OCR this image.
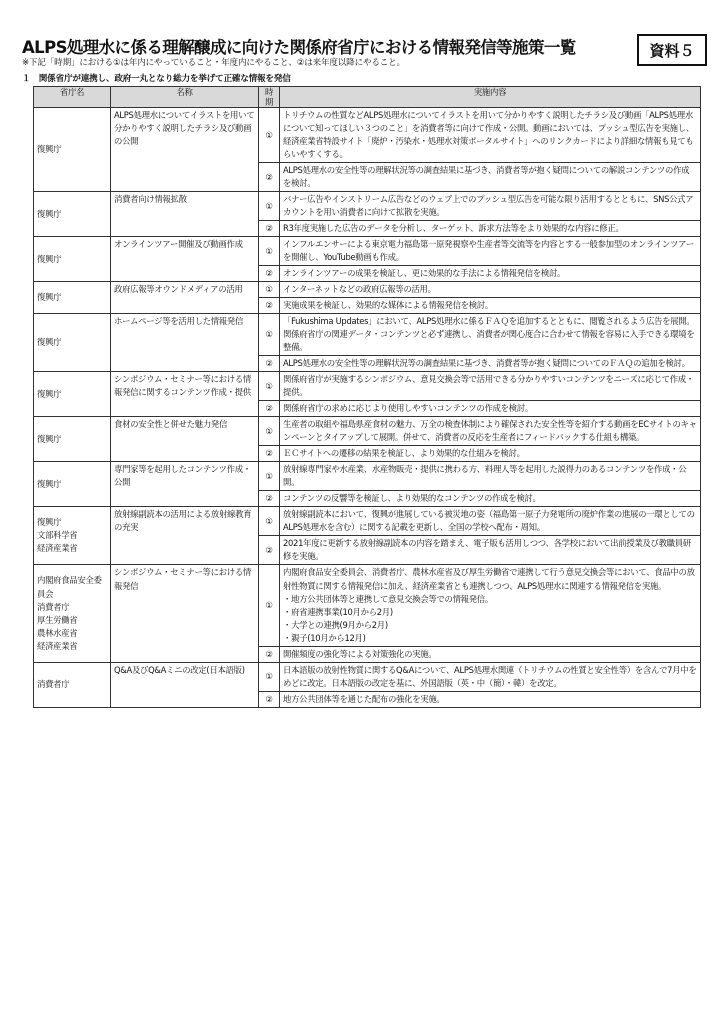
ALPS処理水に係る理解醸成に向けた関係府省庁における情報発信等施策一覧	資料５
※下記「時期」における①は年内にやっていること・年度内にやること、②は来年度以降にやること。
１　関係省庁が連携し、政府一丸となり総力を挙げて正確な情報を発信
省庁名	名称	時期	実施内容
復興庁	ALPS処理水についてイラストを用いて分かりやすく説明したチラシ及び動画の公開	①	トリチウムの性質などALPS処理水についてイラストを用いて分かりやすく説明したチラシ及び動画「ALPS処理水について知ってほしい３つのこと」を消費者等に向けて作成・公開。動画においては、プッシュ型広告を実施し、経済産業省特設サイト「廃炉・汚染水・処理水対策ポータルサイト」へのリンクカードにより詳細な情報も見てもらいやすくする。
		②	ALPS処理水の安全性等の理解状況等の調査結果に基づき、消費者等が抱く疑問についての解説コンテンツの作成を検討。
復興庁	消費者向け情報拡散	①	バナー広告やインストリーム広告などのウェブ上でのプッシュ型広告を可能な限り活用するとともに、SNS公式アカウントを用い消費者に向けて拡散を実施。
		②	R3年度実施した広告のデータを分析し、ターゲット、訴求方法等をより効果的な内容に修正。
復興庁	オンラインツアー開催及び動画作成	①	インフルエンサーによる東京電力福島第一原発視察や生産者等交流等を内容とする一般参加型のオンラインツアーを開催し、YouTube動画も作成。
		②	オンラインツアーの成果を検証し、更に効果的な手法による情報発信を検討。
復興庁	政府広報等オウンドメディアの活用	①	インターネットなどの政府広報等の活用。
		②	実施成果を検証し、効果的な媒体による情報発信を検討。
復興庁	ホームページ等を活用した情報発信	①	「Fukushima Updates」において、ALPS処理水に係るＦＡＱを追加するとともに、閲覧されるよう広告を展開。関係府省庁の関連データ・コンテンツと必ず連携し、消費者が関心度合に合わせて情報を容易に入手できる環境を整備。
		②	ALPS処理水の安全性等の理解状況等の調査結果に基づき、消費者等が抱く疑問についてのＦＡＱの追加を検討。
復興庁	シンポジウム・セミナー等における情報発信に関するコンテンツ作成・提供	①	関係府省庁が実施するシンポジウム、意見交換会等で活用できる分かりやすいコンテンツをニーズに応じて作成・提供。
		②	関係府省庁の求めに応じより使用しやすいコンテンツの作成を検討。
復興庁	食材の安全性と併せた魅力発信	①	生産者の取組や福島県産食材の魅力、万全の検査体制により確保された安全性等を紹介する動画をECサイトのキャンペーンとタイアップして展開。併せて、消費者の反応を生産者にフィードバックする仕組も構築。
		②	ＥＣサイトへの遷移の結果を検証し、より効果的な仕組みを検討。
復興庁	専門家等を起用したコンテンツ作成・公開	①	放射線専門家や水産業、水産物販売・提供に携わる方、料理人等を起用した説得力のあるコンテンツを作成・公開。
		②	コンテンツの反響等を検証し、より効果的なコンテンツの作成を検討。
復興庁
文部科学省
経済産業省	放射線副読本の活用による放射線教育の充実	①	放射線副読本において、復興が進展している被災地の姿（福島第一原子力発電所の廃炉作業の進展の一環としてのALPS処理水を含む）に関する記載を更新し、全国の学校へ配布・周知。
		②	2021年度に更新する放射線副読本の内容を踏まえ、電子版も活用しつつ、各学校において出前授業及び教職員研修を実施。
内閣府食品安全委員会
消費者庁
厚生労働省
農林水産省
経済産業省	シンポジウム・セミナー等における情報発信	①	内閣府食品安全委員会、消費者庁、農林水産省及び厚生労働省で連携して行う意見交換会等において、食品中の放射性物質に関する情報発信に加え、経済産業省とも連携しつつ、ALPS処理水に関連する情報発信を実施。
・地方公共団体等と連携して意見交換会等での情報発信。
・府省連携事業(10月から2月)
・大学との連携(9月から2月)
・親子(10月から12月)
		②	開催頻度の強化等による対策強化の実施。
消費者庁	Q&A及びQ&Aミニの改定(日本語版)	①	日本語版の放射性物質に関するQ&Aについて、ALPS処理水関連（トリチウムの性質と安全性等）を含んで7月中をめどに改定。日本語版の改定を基に、外国語版（英・中（簡）・韓）を改定。
		②	地方公共団体等を通じた配布の強化を実施。
